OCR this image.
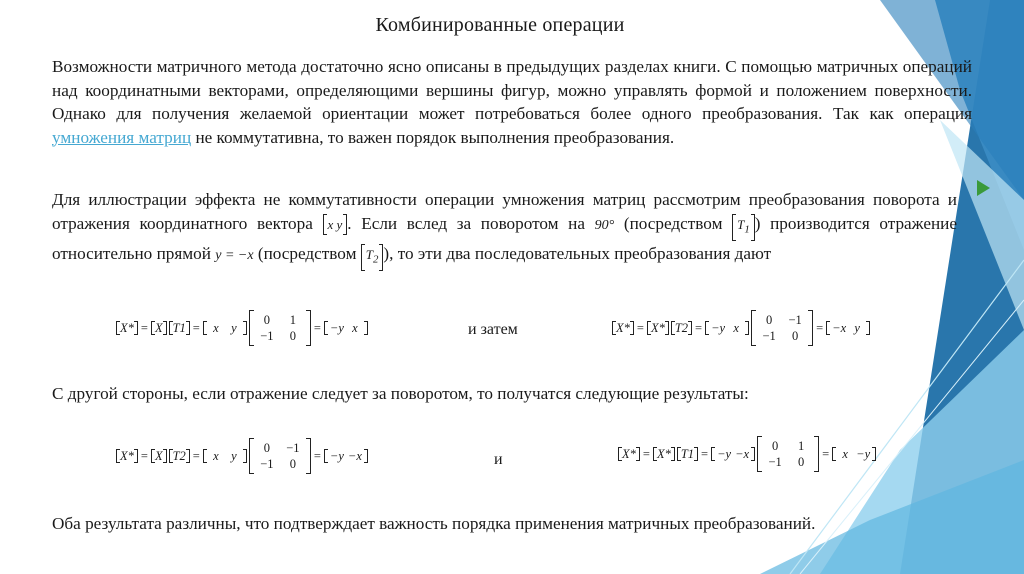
Комбинированные операции
Возможности матричного метода достаточно ясно описаны в предыдущих разделах книги. С помощью матричных операций над координатными векторами, определяющими вершины фигур, можно управлять формой и положением поверхности. Однако для получения желаемой ориентации может потребоваться более одного преобразования. Так как операция умножения матриц не коммутативна, то важен порядок выполнения преобразования.
Для иллюстрации эффекта не коммутативности операции умножения матриц рассмотрим преобразования поворота и отражения координатного вектора x y . Если вслед за поворотом на 90° (посредством $T_1$ ) производится отражение относительно прямой y = −x (посредством $T_2$ ), то эти два последовательных преобразования дают
X* = X T1 =	x y
0	1
−1	0
= −y x	и затем	X* = X* T2 = −y x
0	−1
−1	0
= −x y
С другой стороны, если отражение следует за поворотом, то получатся следующие результаты:
X* = X T2 =	x y
0	−1
−1	0
= −y −x	и	X* = X* T1 = −y −x
0	1
−1	0
=	x −y
Оба результата различны, что подтверждает важность порядка применения матричных преобразований.
